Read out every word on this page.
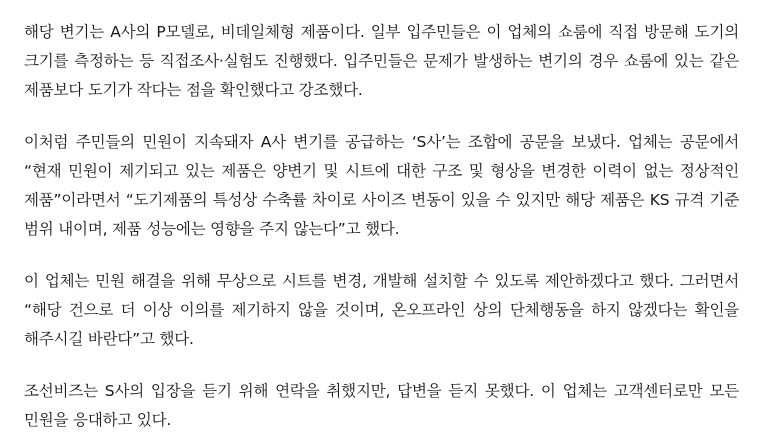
해당 변기는 A사의 P모델로, 비데일체형 제품이다. 일부 입주민들은 이 업체의 쇼룸에 직접 방문해 도기의 크기를 측정하는 등 직접조사·실험도 진행했다. 입주민들은 문제가 발생하는 변기의 경우 쇼룸에 있는 같은 제품보다 도기가 작다는 점을 확인했다고 강조했다.

이처럼 주민들의 민원이 지속돼자 A사 변기를 공급하는 ‘S사’는 조합에 공문을 보냈다. 업체는 공문에서 “현재 민원이 제기되고 있는 제품은 양변기 및 시트에 대한 구조 및 형상을 변경한 이력이 없는 정상적인 제품”이라면서 “도기제품의 특성상 수축률 차이로 사이즈 변동이 있을 수 있지만 해당 제품은 KS 규격 기준 범위 내이며, 제품 성능에는 영향을 주지 않는다”고 했다.

이 업체는 민원 해결을 위해 무상으로 시트를 변경, 개발해 설치할 수 있도록 제안하겠다고 했다. 그러면서 “해당 건으로 더 이상 이의를 제기하지 않을 것이며, 온오프라인 상의 단체행동을 하지 않겠다는 확인을 해주시길 바란다”고 했다.

조선비즈는 S사의 입장을 듣기 위해 연락을 취했지만, 답변을 듣지 못했다. 이 업체는 고객센터로만 모든 민원을 응대하고 있다.
